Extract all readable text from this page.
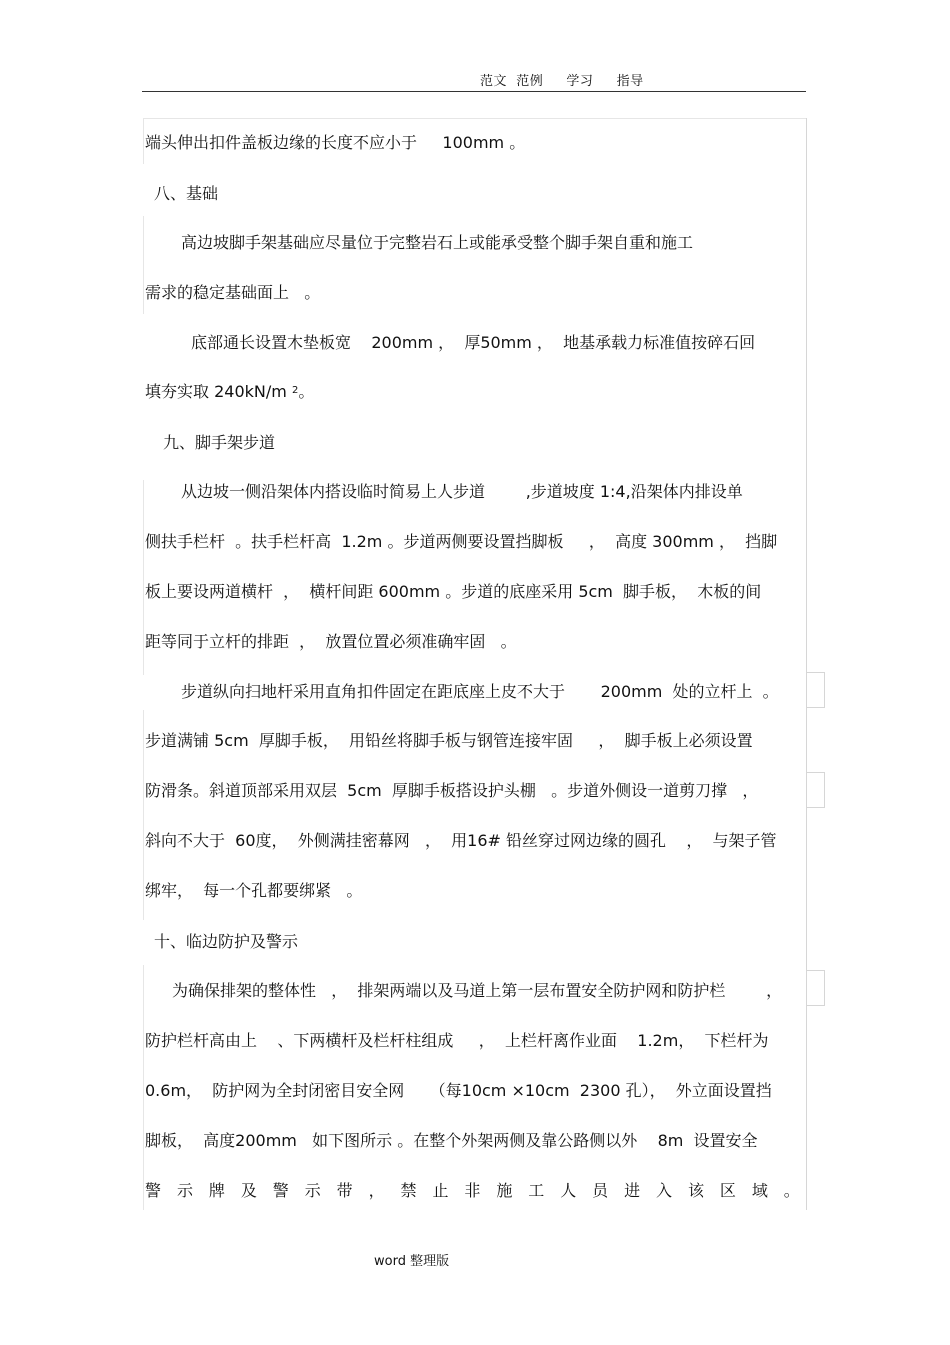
范文  范例     学习     指导
端头伸出扣件盖板边缘的长度不应小于     100mm 。
八、基础
高边坡脚手架基础应尽量位于完整岩石上或能承受整个脚手架自重和施工
需求的稳定基础面上   。
底部通长设置木垫板宽    200mm ，  厚50mm ，  地基承载力标准值按碎石回
填夯实取 240kN/m $^2$。
九、脚手架步道
从边坡一侧沿架体内搭设临时简易上人步道        ,步道坡度 1:4,沿架体内排设单
侧扶手栏杆  。扶手栏杆高  1.2m 。步道两侧要设置挡脚板     ，  高度 300mm ，  挡脚
板上要设两道横杆  ，  横杆间距 600mm 。步道的底座采用 5cm  脚手板，  木板的间
距等同于立杆的排距  ，  放置位置必须准确牢固   。
步道纵向扫地杆采用直角扣件固定在距底座上皮不大于       200mm  处的立杆上  。
步道满铺 5cm  厚脚手板，  用铅丝将脚手板与钢管连接牢固     ，  脚手板上必须设置
防滑条。斜道顶部采用双层  5cm  厚脚手板搭设护头棚   。步道外侧设一道剪刀撑   ，
斜向不大于  60度，  外侧满挂密幕网   ，  用16# 铅丝穿过网边缘的圆孔    ，  与架子管
绑牢，  每一个孔都要绑紧   。
十、临边防护及警示
为确保排架的整体性   ，  排架两端以及马道上第一层布置安全防护网和防护栏        ，
防护栏杆高由上    、下两横杆及栏杆柱组成     ，  上栏杆离作业面    1.2m，  下栏杆为
0.6m，  防护网为全封闭密目安全网     （每10cm ×10cm  2300 孔），  外立面设置挡
脚板，  高度200mm   如下图所示 。在整个外架两侧及靠公路侧以外    8m  设置安全
警 示 牌 及 警 示 带 ， 禁 止 非 施 工 人 员 进 入 该 区 域 。
word 整理版
